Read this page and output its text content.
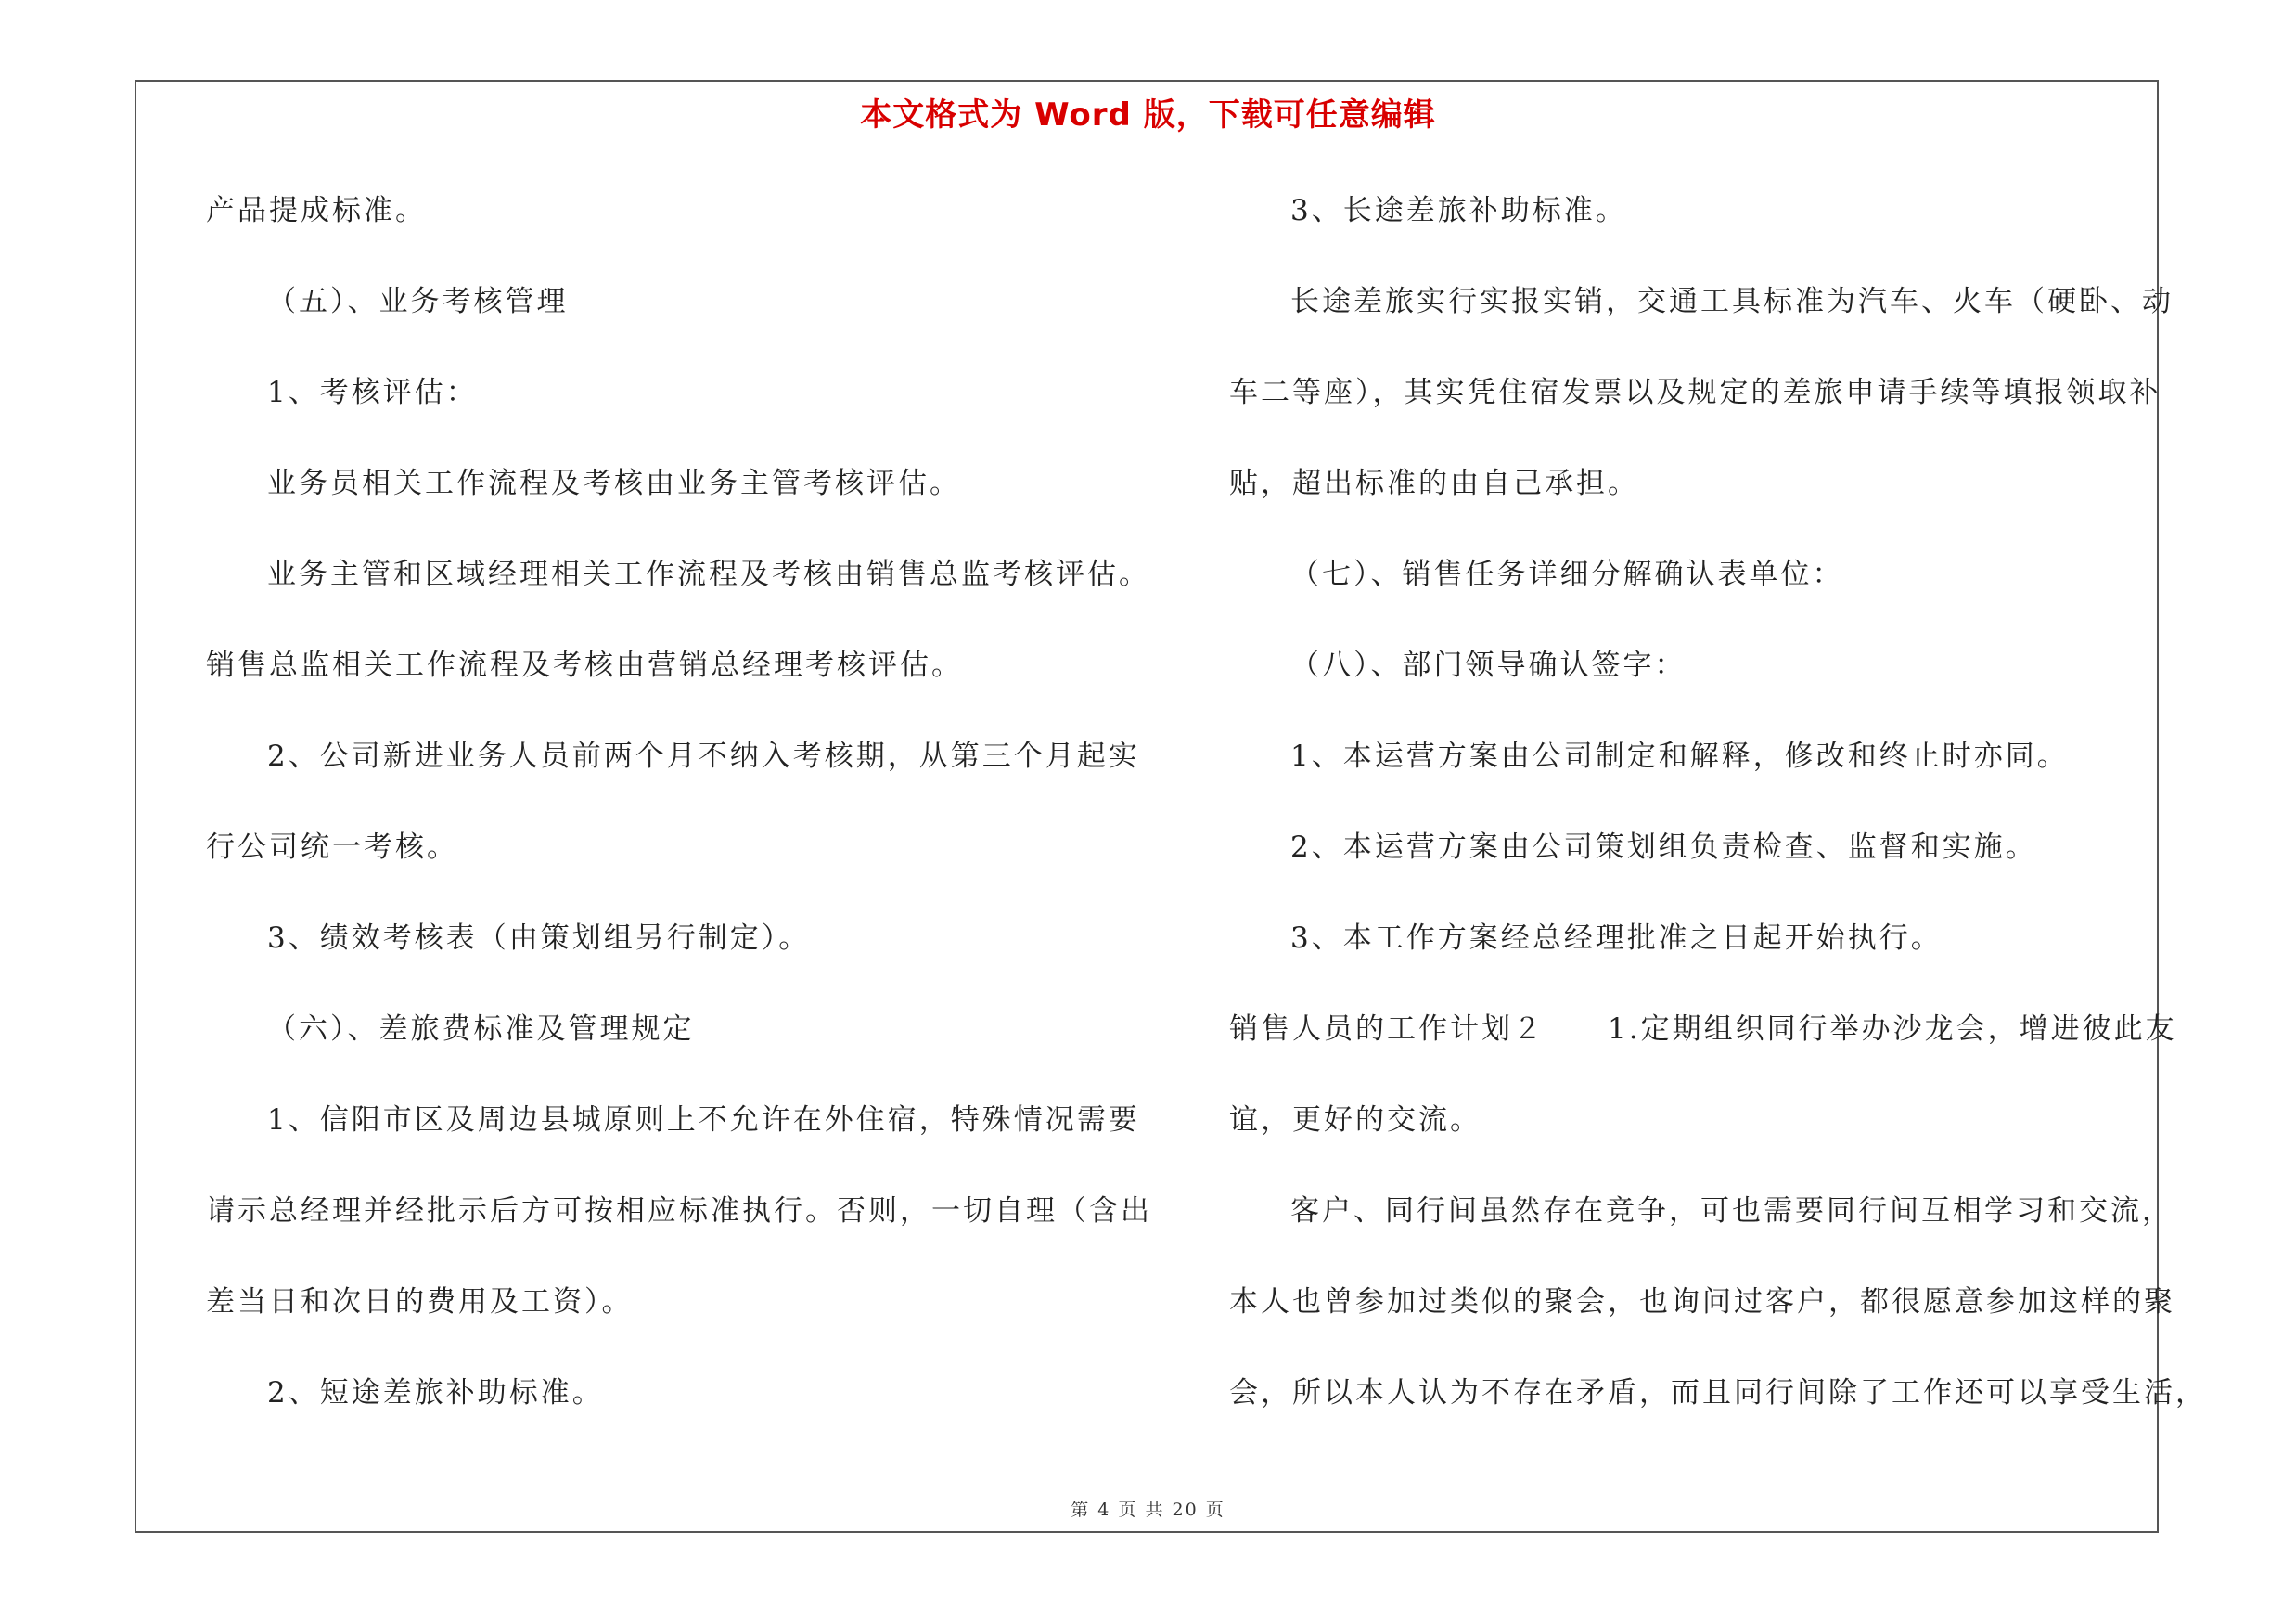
本文格式为 Word 版，下载可任意编辑
产品提成标准。
（五）、业务考核管理
1、考核评估：
业务员相关工作流程及考核由业务主管考核评估。
业务主管和区域经理相关工作流程及考核由销售总监考核评估。
销售总监相关工作流程及考核由营销总经理考核评估。
2、公司新进业务人员前两个月不纳入考核期，从第三个月起实
行公司统一考核。
3、绩效考核表（由策划组另行制定）。
（六）、差旅费标准及管理规定
1、信阳市区及周边县城原则上不允许在外住宿，特殊情况需要
请示总经理并经批示后方可按相应标准执行。否则，一切自理（含出
差当日和次日的费用及工资）。
2、短途差旅补助标准。
3、长途差旅补助标准。
长途差旅实行实报实销，交通工具标准为汽车、火车（硬卧、动
车二等座），其实凭住宿发票以及规定的差旅申请手续等填报领取补
贴，超出标准的由自己承担。
（七）、销售任务详细分解确认表单位：
（八）、部门领导确认签字：
1、本运营方案由公司制定和解释，修改和终止时亦同。
2、本运营方案由公司策划组负责检查、监督和实施。
3、本工作方案经总经理批准之日起开始执行。
销售人员的工作计划２　　1.定期组织同行举办沙龙会，增进彼此友
谊，更好的交流。
客户、同行间虽然存在竞争，可也需要同行间互相学习和交流，
本人也曾参加过类似的聚会，也询问过客户，都很愿意参加这样的聚
会，所以本人认为不存在矛盾，而且同行间除了工作还可以享受生活，
第 4 页 共 20 页
